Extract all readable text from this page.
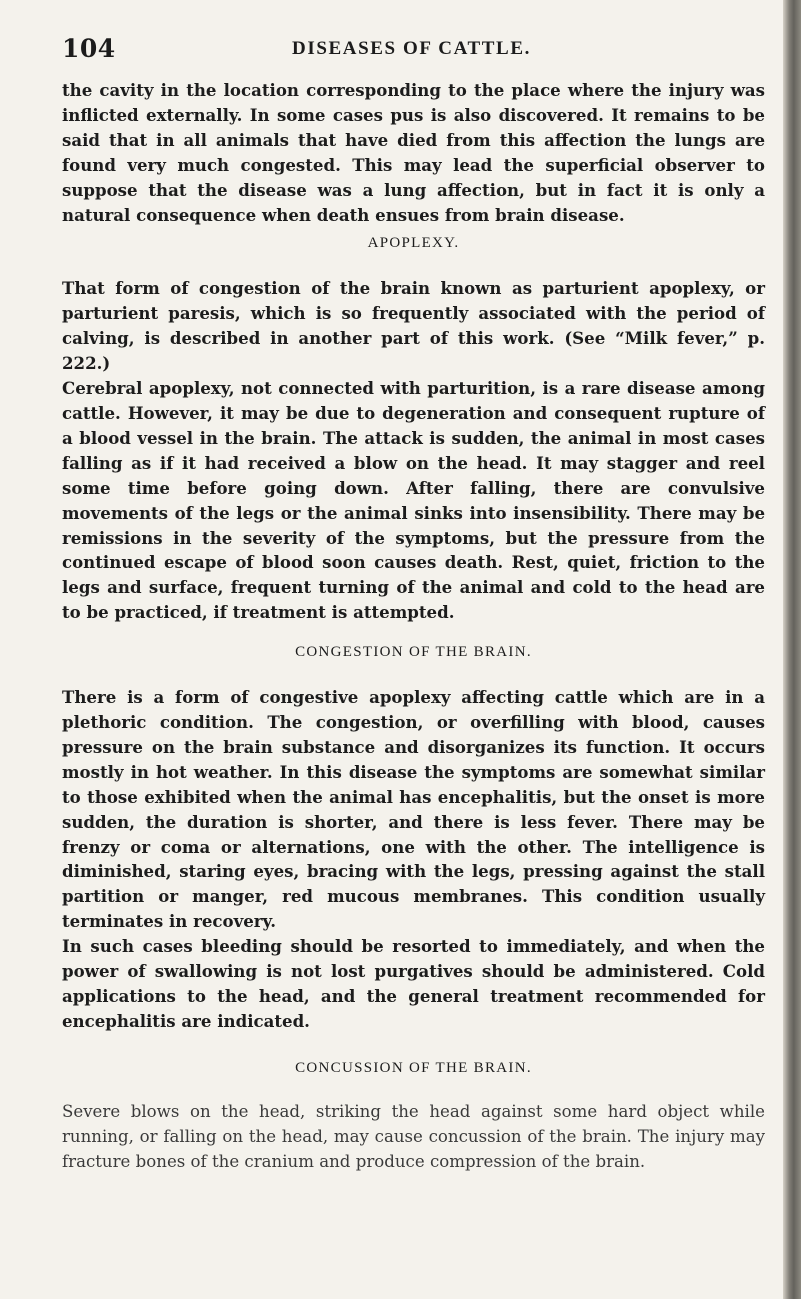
104	DISEASES OF CATTLE.

the cavity in the location corresponding to the place where the injury was inflicted externally. In some cases pus is also discovered. It remains to be said that in all animals that have died from this affection the lungs are found very much congested. This may lead the superficial observer to suppose that the disease was a lung affection, but in fact it is only a natural consequence when death ensues from brain disease.

APOPLEXY.

That form of congestion of the brain known as parturient apoplexy, or parturient paresis, which is so frequently associated with the period of calving, is described in another part of this work. (See “Milk fever,” p. 222.)

Cerebral apoplexy, not connected with parturition, is a rare disease among cattle. However, it may be due to degeneration and consequent rupture of a blood vessel in the brain. The attack is sudden, the animal in most cases falling as if it had received a blow on the head. It may stagger and reel some time before going down. After falling, there are convulsive movements of the legs or the animal sinks into insensibility. There may be remissions in the severity of the symptoms, but the pressure from the continued escape of blood soon causes death. Rest, quiet, friction to the legs and surface, frequent turning of the animal and cold to the head are to be practiced, if treatment is attempted.

CONGESTION OF THE BRAIN.

There is a form of congestive apoplexy affecting cattle which are in a plethoric condition. The congestion, or overfilling with blood, causes pressure on the brain substance and disorganizes its function. It occurs mostly in hot weather. In this disease the symptoms are somewhat similar to those exhibited when the animal has encephalitis, but the onset is more sudden, the duration is shorter, and there is less fever. There may be frenzy or coma or alternations, one with the other. The intelligence is diminished, staring eyes, bracing with the legs, pressing against the stall partition or manger, red mucous membranes. This condition usually terminates in recovery.

In such cases bleeding should be resorted to immediately, and when the power of swallowing is not lost purgatives should be administered. Cold applications to the head, and the general treatment recommended for encephalitis are indicated.

CONCUSSION OF THE BRAIN.

Severe blows on the head, striking the head against some hard object while running, or falling on the head, may cause concussion of the brain. The injury may fracture bones of the cranium and produce compression of the brain.
